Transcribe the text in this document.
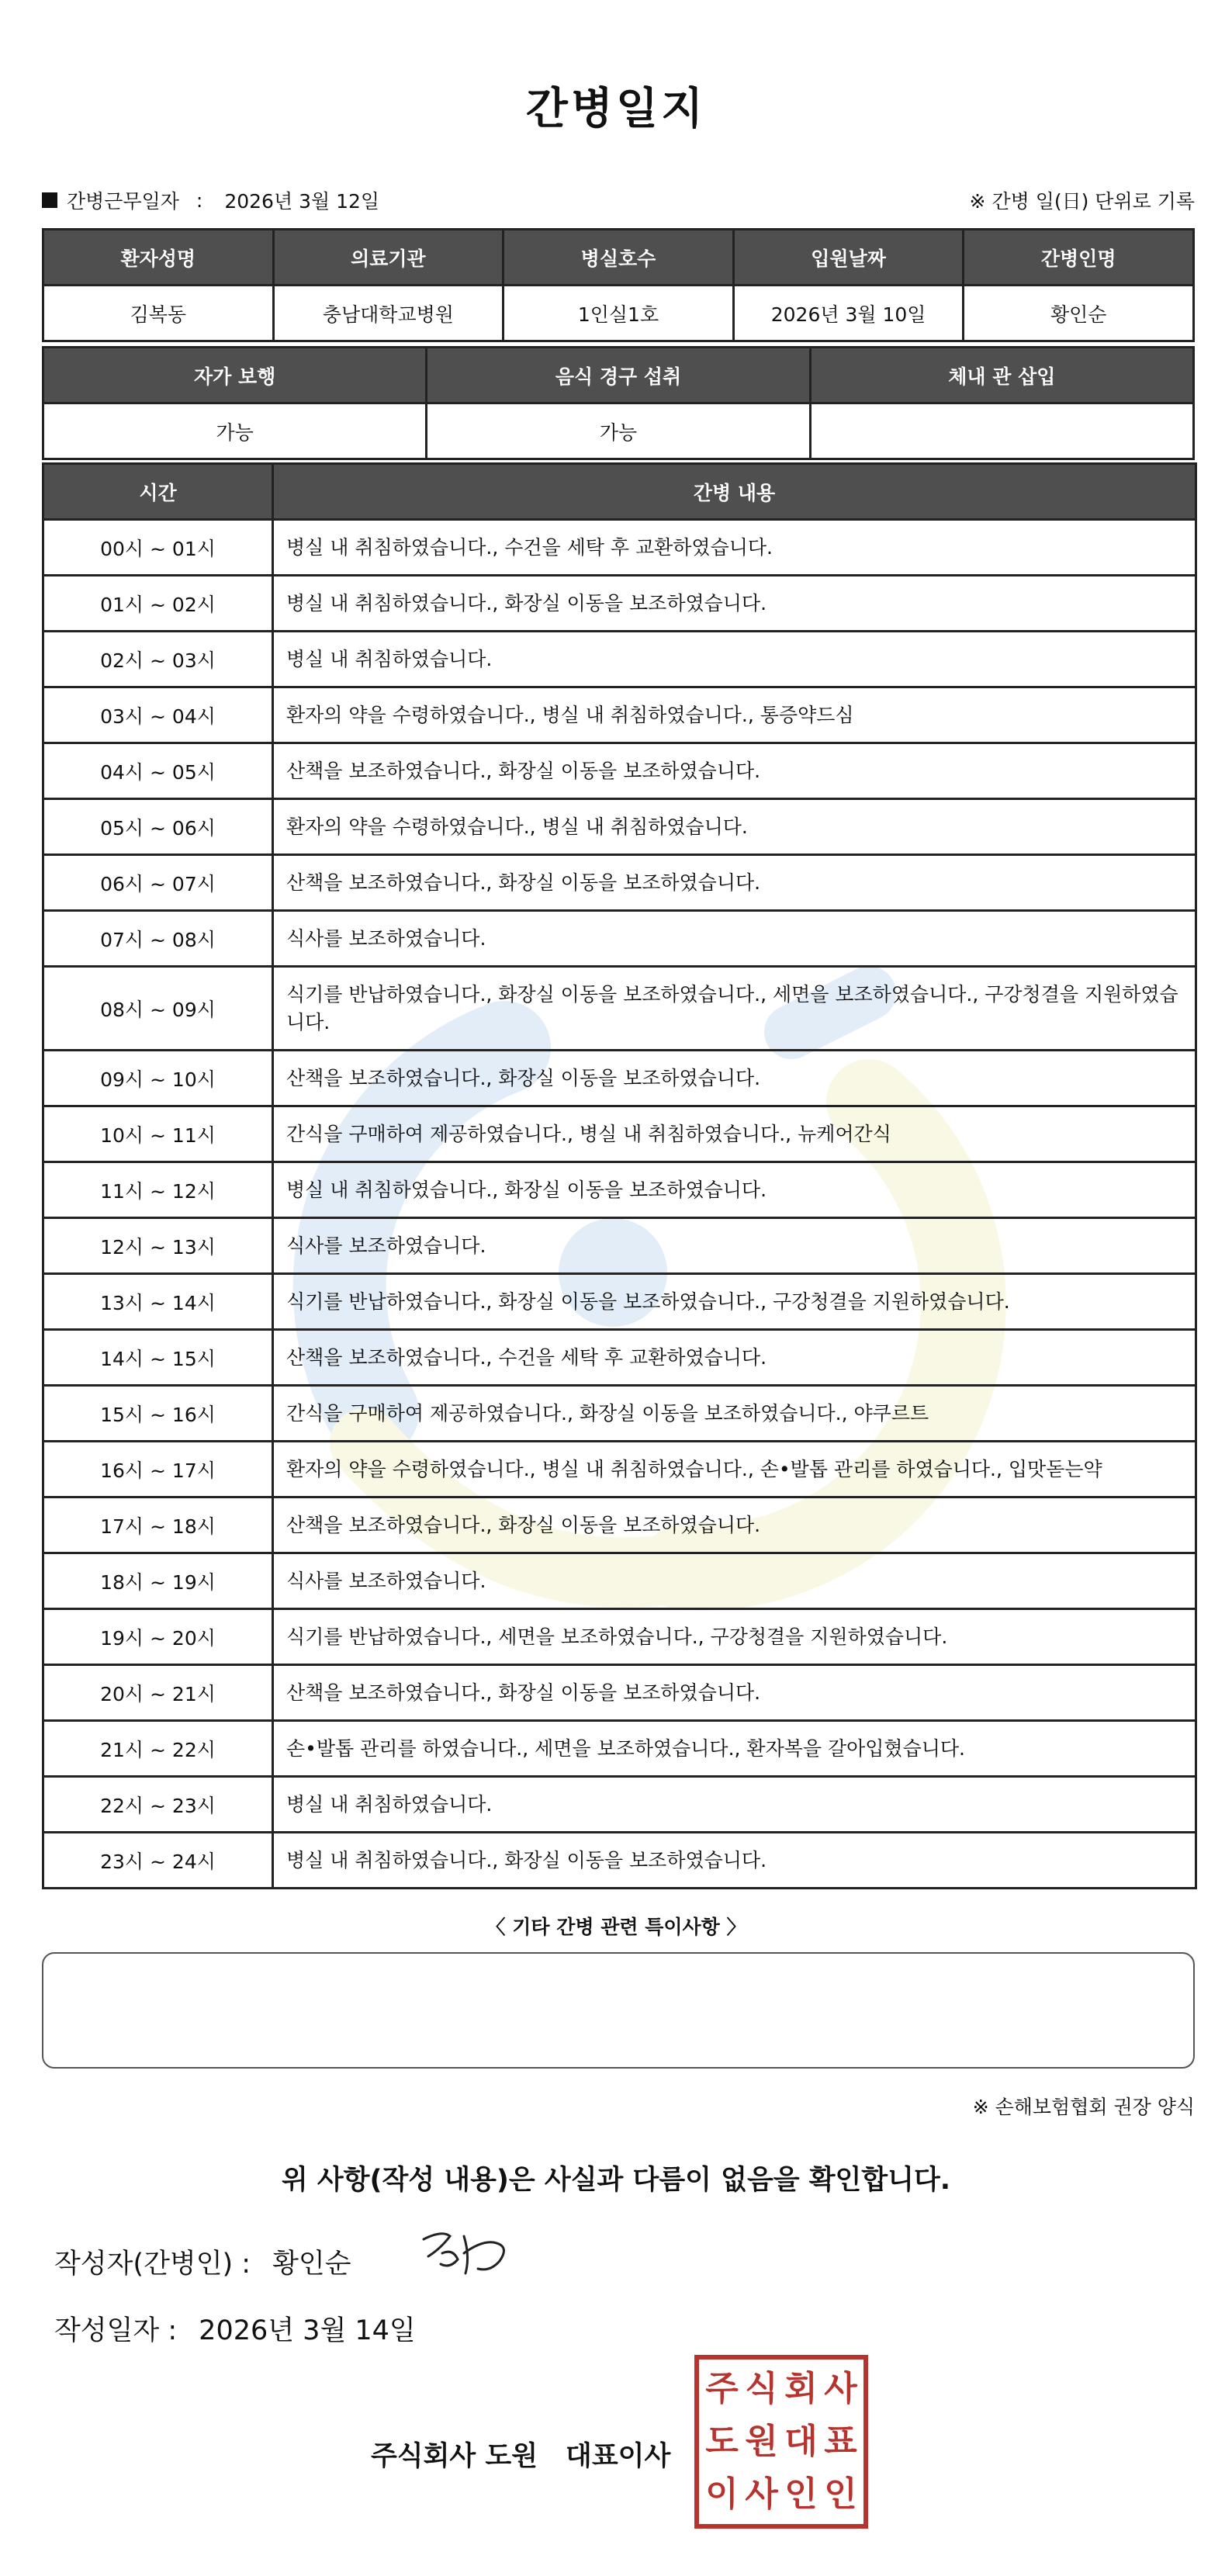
간병일지
간병근무일자 : 2026년 3월 12일	※ 간병 일(日) 단위로 기록
환자성명	의료기관	병실호수	입원날짜	간병인명
김복동	충남대학교병원	1인실1호	2026년 3월 10일	황인순
자가 보행	음식 경구 섭취	체내 관 삽입
가능	가능	
시간	간병 내용
00시 ~ 01시	병실 내 취침하였습니다., 수건을 세탁 후 교환하였습니다.
01시 ~ 02시	병실 내 취침하였습니다., 화장실 이동을 보조하였습니다.
02시 ~ 03시	병실 내 취침하였습니다.
03시 ~ 04시	환자의 약을 수령하였습니다., 병실 내 취침하였습니다., 통증약드심
04시 ~ 05시	산책을 보조하였습니다., 화장실 이동을 보조하였습니다.
05시 ~ 06시	환자의 약을 수령하였습니다., 병실 내 취침하였습니다.
06시 ~ 07시	산책을 보조하였습니다., 화장실 이동을 보조하였습니다.
07시 ~ 08시	식사를 보조하였습니다.
08시 ~ 09시	식기를 반납하였습니다., 화장실 이동을 보조하였습니다., 세면을 보조하였습니다., 구강청결을 지원하였습니다.
09시 ~ 10시	산책을 보조하였습니다., 화장실 이동을 보조하였습니다.
10시 ~ 11시	간식을 구매하여 제공하였습니다., 병실 내 취침하였습니다., 뉴케어간식
11시 ~ 12시	병실 내 취침하였습니다., 화장실 이동을 보조하였습니다.
12시 ~ 13시	식사를 보조하였습니다.
13시 ~ 14시	식기를 반납하였습니다., 화장실 이동을 보조하였습니다., 구강청결을 지원하였습니다.
14시 ~ 15시	산책을 보조하였습니다., 수건을 세탁 후 교환하였습니다.
15시 ~ 16시	간식을 구매하여 제공하였습니다., 화장실 이동을 보조하였습니다., 야쿠르트
16시 ~ 17시	환자의 약을 수령하였습니다., 병실 내 취침하였습니다., 손•발톱 관리를 하였습니다., 입맛돋는약
17시 ~ 18시	산책을 보조하였습니다., 화장실 이동을 보조하였습니다.
18시 ~ 19시	식사를 보조하였습니다.
19시 ~ 20시	식기를 반납하였습니다., 세면을 보조하였습니다., 구강청결을 지원하였습니다.
20시 ~ 21시	산책을 보조하였습니다., 화장실 이동을 보조하였습니다.
21시 ~ 22시	손•발톱 관리를 하였습니다., 세면을 보조하였습니다., 환자복을 갈아입혔습니다.
22시 ~ 23시	병실 내 취침하였습니다.
23시 ~ 24시	병실 내 취침하였습니다., 화장실 이동을 보조하였습니다.
〈 기타 간병 관련 특이사항 〉
※ 손해보험협회 권장 양식
위 사항(작성 내용)은 사실과 다름이 없음을 확인합니다.
작성자(간병인) : 황인순
작성일자 : 2026년 3월 14일
주식회사 도원 대표이사
주 식 회 사
도 원 대 표
이 사 인 인
